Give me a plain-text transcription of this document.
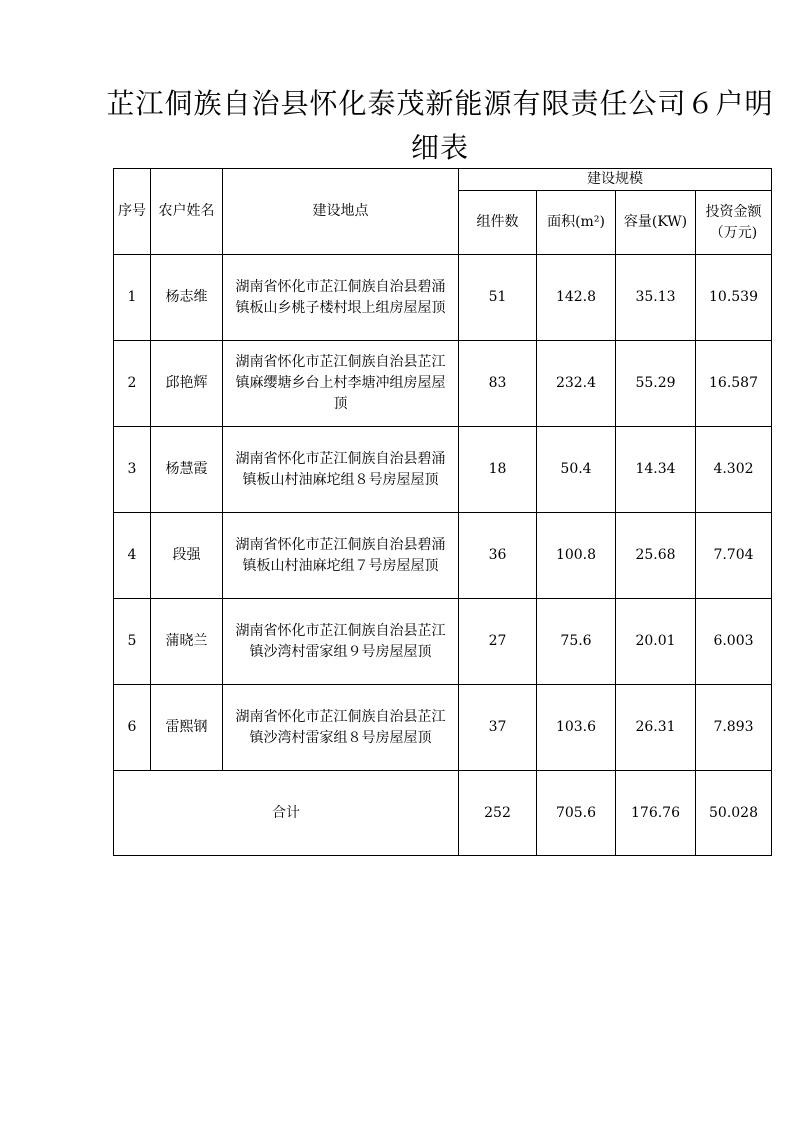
芷江侗族自治县怀化泰茂新能源有限责任公司６户明细表
序号	农户姓名	建设地点	建设规模			
			组件数	面积(m²)	容量(KW)	投资金额（万元)
1	杨志维	湖南省怀化市芷江侗族自治县碧涌镇板山乡桃子楼村垠上组房屋屋顶	51	142.8	35.13	10.539
2	邱艳辉	湖南省怀化市芷江侗族自治县芷江镇麻缨塘乡台上村李塘冲组房屋屋顶	83	232.4	55.29	16.587
3	杨慧霞	湖南省怀化市芷江侗族自治县碧涌镇板山村油麻坨组８号房屋屋顶	18	50.4	14.34	4.302
4	段强	湖南省怀化市芷江侗族自治县碧涌镇板山村油麻坨组７号房屋屋顶	36	100.8	25.68	7.704
5	蒲晓兰	湖南省怀化市芷江侗族自治县芷江镇沙湾村雷家组９号房屋屋顶	27	75.6	20.01	6.003
6	雷熙钢	湖南省怀化市芷江侗族自治县芷江镇沙湾村雷家组８号房屋屋顶	37	103.6	26.31	7.893
合计			252	705.6	176.76	50.028
